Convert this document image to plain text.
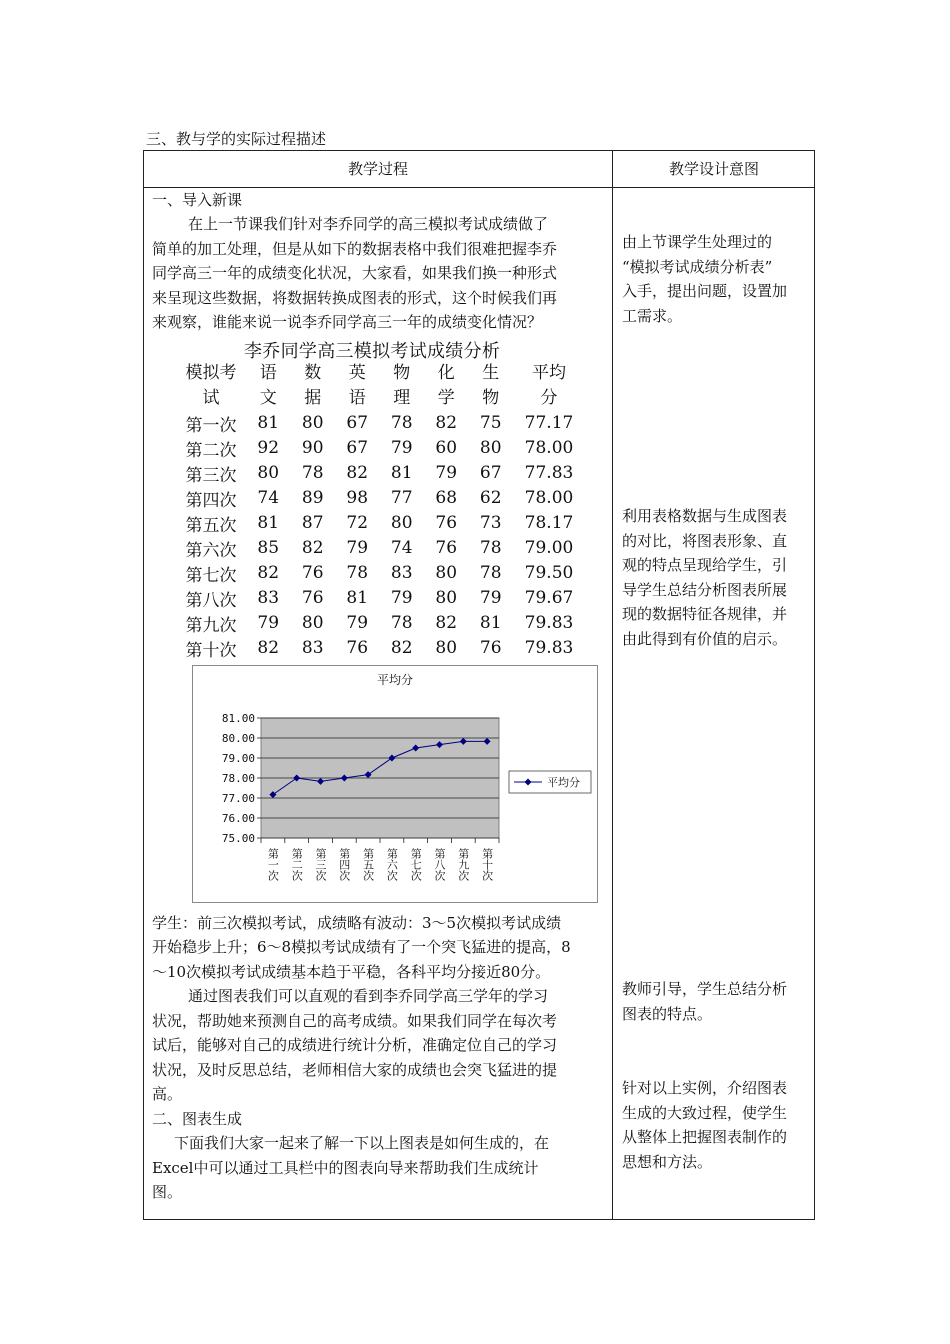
三、教与学的实际过程描述
教学过程	教学设计意图
一、导入新课
在上一节课我们针对李乔同学的高三模拟考试成绩做了
简单的加工处理，但是从如下的数据表格中我们很难把握李乔
同学高三一年的成绩变化状况，大家看，如果我们换一种形式
来呈现这些数据，将数据转换成图表的形式，这个时候我们再
来观察，谁能来说一说李乔同学高三一年的成绩变化情况？
李乔同学高三模拟考试成绩分析
模拟考	语	数	英	物	化	生	平均
试	文	据	语	理	学	物	分
第一次	81	80	67	78	82	75	77.17
第二次	92	90	67	79	60	80	78.00
第三次	80	78	82	81	79	67	77.83
第四次	74	89	98	77	68	62	78.00
第五次	81	87	72	80	76	73	78.17
第六次	85	82	79	74	76	78	79.00
第七次	82	76	78	83	80	78	79.50
第八次	83	76	81	79	80	79	79.67
第九次	79	80	79	78	82	81	79.83
第十次	82	83	76	82	80	76	79.83
平均分
81.00
80.00
79.00
78.00
77.00
76.00
75.00
第一次 第二次 第三次 第四次 第五次 第六次 第七次 第八次 第九次 第十次
平均分
学生：前三次模拟考试，成绩略有波动：3～5次模拟考试成绩
开始稳步上升；6～8模拟考试成绩有了一个突飞猛进的提高，8
～10次模拟考试成绩基本趋于平稳，各科平均分接近80分。
通过图表我们可以直观的看到李乔同学高三学年的学习
状况，帮助她来预测自己的高考成绩。如果我们同学在每次考
试后，能够对自己的成绩进行统计分析，准确定位自己的学习
状况，及时反思总结，老师相信大家的成绩也会突飞猛进的提
高。
二、图表生成
下面我们大家一起来了解一下以上图表是如何生成的，在
Excel中可以通过工具栏中的图表向导来帮助我们生成统计
图。
由上节课学生处理过的
“模拟考试成绩分析表”
入手，提出问题，设置加
工需求。
利用表格数据与生成图表
的对比，将图表形象、直
观的特点呈现给学生，引
导学生总结分析图表所展
现的数据特征各规律，并
由此得到有价值的启示。
教师引导，学生总结分析
图表的特点。
针对以上实例，介绍图表
生成的大致过程，使学生
从整体上把握图表制作的
思想和方法。
